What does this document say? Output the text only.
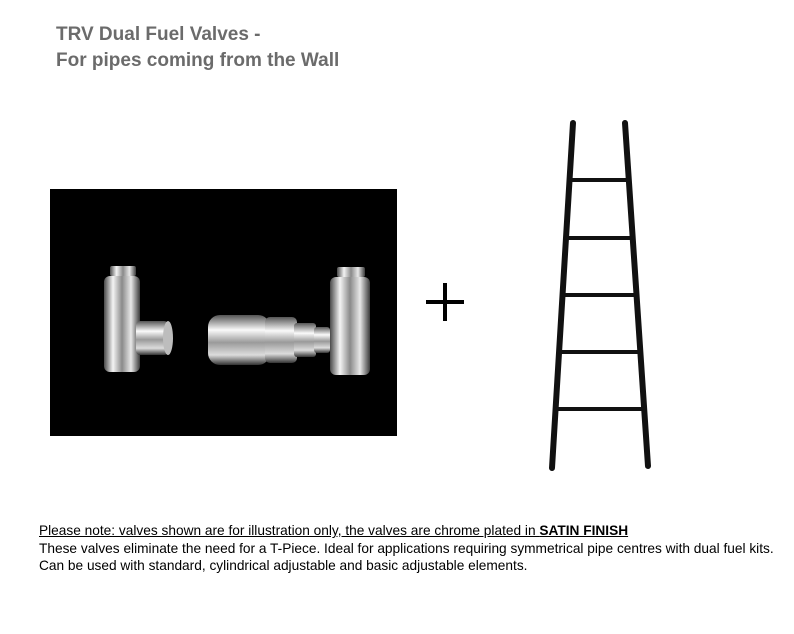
TRV Dual Fuel Valves -
For pipes coming from the Wall

Please note: valves shown are for illustration only, the valves are chrome plated in SATIN FINISH

These valves eliminate the need for a T-Piece. Ideal for applications requiring symmetrical pipe centres with dual fuel kits. Can be used with standard, cylindrical adjustable and basic adjustable elements.
